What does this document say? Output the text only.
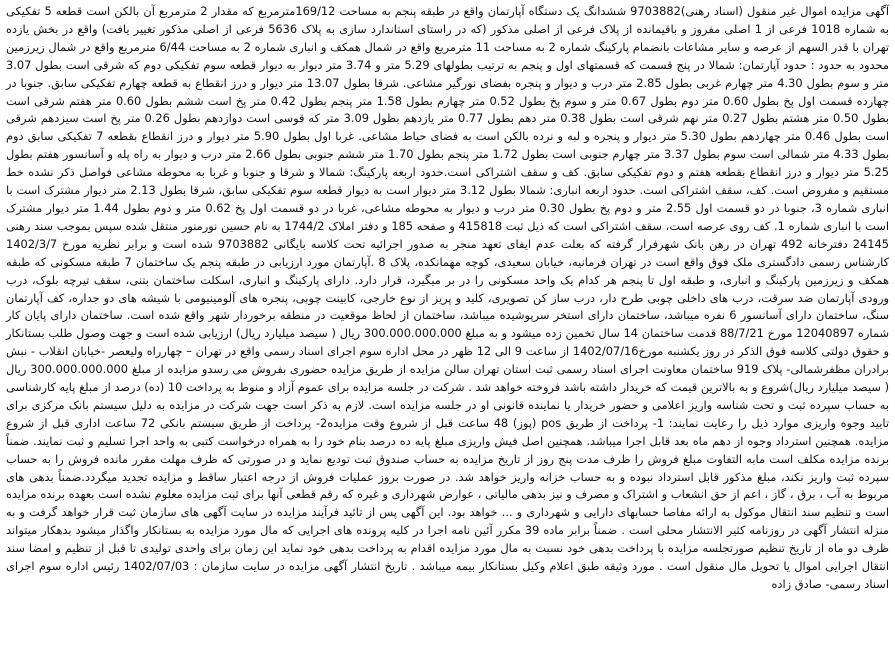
آگهی مزایده اموال غیر منقول (اسناد رهنی)9703882 ششدانگ یک دستگاه آپارتمان واقع در طبقه پنجم به مساحت 169/12مترمربع که مقدار 2 مترمربع آن بالکن است قطعه 5 تفکیکی به شماره 1018 فرعی از 1 اصلی مفروز و باقیمانده از پلاک فرعی از اصلی مذکور (که در راستای استاندارد سازی به پلاک 5636 فرعی از اصلی مذکور تغییر یافت) واقع در بخش یازده تهران با قدر السهم از عرصه و سایر مشاعات بانضمام پارکینگ شماره 2 به مساحت 11 مترمربع واقع در شمال همکف و انباری شماره 2 به مساحت 6/44 مترمربع واقع در شمال زیرزمین محدود به حدود : حدود آپارتمان: شمالا در پنج قسمت که قسمتهای اول و پنجم به ترتیب بطولهای 5.29 متر و 3.74 متر دیوار به دیوار قطعه سوم تفکیکی دوم که شرقی است بطول 3.07 متر و سوم بطول 4.30 متر چهارم غربی بطول 2.85 متر درب و دیوار و پنجره بفضای نورگیر مشاعی. شرقا بطول 13.07 متر دیوار و درز انقطاع به قطعه چهارم تفکیکی سابق. جنوبا در چهارده قسمت اول پخ بطول 0.60 متر دوم بطول 0.67 متر و سوم پخ بطول 0.52 متر چهارم بطول 1.58 متر پنجم بطول 0.42 متر پخ است ششم بطول 0.60 متر هفتم شرقی است بطول 0.50 متر هشتم بطول 0.27 متر نهم شرقی است بطول 0.38 متر دهم بطول 0.77 متر یازدهم بطول 3.09 متر که قوسی است دوازدهم بطول 0.26 متر پخ است سیزدهم شرقی است بطول 0.46 متر چهاردهم بطول 5.30 متر دیوار و پنجره و لبه و نرده بالکن است به فضای حیاط مشاعی. غربا اول بطول 5.90 متر دیوار و درز انقطاع بقطعه 7 تفکیکی سابق دوم بطول 4.33 متر شمالی است سوم بطول 3.37 متر چهارم جنوبی است بطول 1.72 متر پنجم بطول 1.70 متر ششم جنوبی بطول 2.66 متر درب و دیوار به راه پله و آسانسور هفتم بطول 5.25 متر دیوار و درز انقطاع بقطعه هفتم و دوم تفکیکی سابق. کف و سقف اشتراکی است.حدود اربعه پارکینگ: شمالا و شرقا و جنوبا و غربا به محوطه مشاعی فواصل ذکر نشده خط مستقیم و مفروض است. کف، سقف اشتراکی است. حدود اربعه انباری: شمالا بطول 3.12 متر دیوار است به دیوار قطعه سوم تفکیکی سابق، شرقا بطول 2.13 متر دیوار مشترک است با انباری شماره 3، جنوبا در دو قسمت اول 2.55 متر و دوم پخ بطول 0.30 متر درب و دیوار به محوطه مشاعی، غربا در دو قسمت اول پخ 0.62 متر و دوم بطول 1.44 متر دیوار مشترک است با انباری شماره 1. کف روی عرصه است، سقف اشتراکی است که ذیل ثبت 415818 و صفحه 185 و دفتر املاک 1744/2 به نام حسین نورمنور منتقل شده سپس بموجب سند رهنی 24145 دفترخانه 492 تهران در رهن بانک شهرفرار گرفته که بعلت عدم ایفای تعهد منجر به صدور اجرائیه تحت کلاسه بایگانی 9703882 شده است و برابر نظریه مورخ 1402/3/7 کارشناس رسمی دادگستری ملک فوق واقع است در تهران فرمانیه، خیابان سعیدی، کوچه مهمانکده، پلاک 8 .آپارتمان مورد ارزیابی در طبقه پنجم یک ساختمان 7 طبقه مسکونی که طبقه همکف و زیرزمین پارکینگ و انباری، و طبقه اول تا پنجم هر کدام یک واحد مسکونی را در بر میگیرد، قرار دارد. دارای پارکینگ و انباری، اسکلت ساختمان بتنی، سقف تیرچه بلوک، درب ورودی آپارتمان ضد سرقت، درب های داخلی چوبی طرح دار، درب ساز کن تصویری، کلید و پریز از نوع خارجی، کابینت چوبی، پنجره های آلومینیومی با شیشه های دو جداره، کف آپارتمان سنگ، ساختمان دارای آسانسور 6 نفره میباشد، ساختمان دارای استخر سرپوشیده میباشد، ساختمان از لحاظ موقعیت در منطقه برخوردار شهر واقع شده است. ساختمان دارای پایان کار شماره 12040897 مورخ 88/7/21 قدمت ساختمان 14 سال تخمین زده میشود و به مبلغ 300.000.000.000 ریال ( سیصد میلیارد ریال) ارزیابی شده است و جهت وصول طلب بستانکار و حقوق دولتی کلاسه فوق الذکر در روز یکشنبه مورخ1402/07/16 از ساعت 9 الی 12 ظهر در محل اداره سوم اجرای اسناد رسمی واقع در تهران – چهارراه ولیعصر -خیابان انقلاب - نبش برادران مظفرشمالی- پلاک 919 ساختمان معاونت اجرای اسناد رسمی ثبت استان تهران سالن مزایده از طریق مزایده حضوری بفروش می رسدو مزایده از مبلغ 300.000.000.000 ریال ( سیصد میلیارد ریال)شروع و به بالاترین قیمت که خریدار داشته باشد فروخته خواهد شد . شرکت در جلسه مزایده برای عموم آزاد و منوط به پرداخت 10 (ده) درصد از مبلغ پایه کارشناسی به حساب سپرده ثبت و تحت شناسه واریز اعلامی و حضور خریدار یا نماینده قانونی او در جلسه مزایده است. لازم به ذکر است جهت شرکت در مزایده به دلیل سیستم بانک مرکزی برای تایید وجوه واریزی موارد ذیل را رعایت نمایند: 1- پرداخت از طریق pos (پوز) 48 ساعت قبل از شروع وقت مزایده2- پرداخت از طریق سیستم بانکی 72 ساعت اداری قبل از شروع مزایده. همچنین استرداد وجوه از دهم ماه بعد قابل اجرا میباشد. همچنین اصل فیش واریزی مبلغ پایه ده درصد بنام خود را به همراه درخواست کتبی به واحد اجرا تسلیم و ثبت نمایند. ضمناً برنده مزایده مکلف است مابه التفاوت مبلغ فروش را ظرف مدت پنج روز از تاریخ مزایده به حساب صندوق ثبت تودیع نماید و در صورتی که ظرف مهلت مقرر مانده فروش را به حساب سپرده ثبت واریز نکند، مبلغ مذکور قابل استرداد نبوده و به حساب خزانه واریز خواهد شد. در صورت بروز عملیات فروش از درجه اعتبار ساقط و مزایده تجدید میگردد.ضمناً بدهی های مربوط به آب ، برق ، گاز ، اعم از حق انشعاب و اشتراک و مصرف و نیز بدهی مالیاتی ، عوارض شهرداری و غیره که رقم قطعی آنها برای ثبت مزایده معلوم نشده است بعهده برنده مزایده است و تنظیم سند انتقال موکول به ارائه مفاصا حسابهای دارایی و شهرداری و ... خواهد بود. این آگهی پس از تائید فرآیند مزایده در سایت آگهی های سازمان ثبت قرار خواهد گرفت و به منزله انتشار آگهی در روزنامه کثیر الانتشار محلی است . ضمناً برابر ماده 39 مکرر آئین نامه اجرا در کلیه پرونده های اجرایی که مال مورد مزایده به بستانکار واگذار میشود بدهکار میتواند ظرف دو ماه از تاریخ تنظیم صورتجلسه مزایده با پرداخت بدهی خود نسبت به مال مورد مزایده اقدام به پرداخت بدهی خود نماید این زمان برای واحدی تولیدی تا قبل از تنظیم و امضا سند انتقال اجرایی اموال یا تحویل مال منقول است . مورد وثیقه طبق اعلام وکیل بستانکار بیمه میباشد . تاریخ انتشار آگهی مزایده در سایت سازمان : 1402/07/03 رئیس اداره سوم اجرای اسناد رسمی- صادق زاده
